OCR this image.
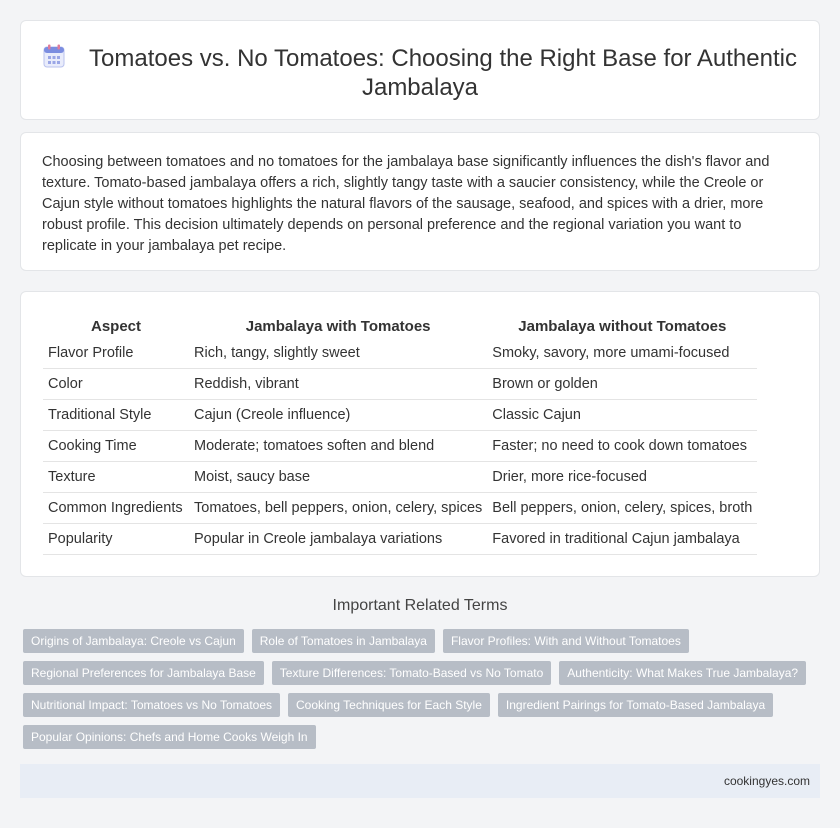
Tomatoes vs. No Tomatoes: Choosing the Right Base for Authentic Jambalaya
Choosing between tomatoes and no tomatoes for the jambalaya base significantly influences the dish's flavor and texture. Tomato-based jambalaya offers a rich, slightly tangy taste with a saucier consistency, while the Creole or Cajun style without tomatoes highlights the natural flavors of the sausage, seafood, and spices with a drier, more robust profile. This decision ultimately depends on personal preference and the regional variation you want to replicate in your jambalaya pet recipe.
Aspect	Jambalaya with Tomatoes	Jambalaya without Tomatoes
Flavor Profile	Rich, tangy, slightly sweet	Smoky, savory, more umami-focused
Color	Reddish, vibrant	Brown or golden
Traditional Style	Cajun (Creole influence)	Classic Cajun
Cooking Time	Moderate; tomatoes soften and blend	Faster; no need to cook down tomatoes
Texture	Moist, saucy base	Drier, more rice-focused
Common Ingredients	Tomatoes, bell peppers, onion, celery, spices	Bell peppers, onion, celery, spices, broth
Popularity	Popular in Creole jambalaya variations	Favored in traditional Cajun jambalaya
Important Related Terms
Origins of Jambalaya: Creole vs Cajun	Role of Tomatoes in Jambalaya	Flavor Profiles: With and Without Tomatoes
Regional Preferences for Jambalaya Base	Texture Differences: Tomato-Based vs No Tomato	Authenticity: What Makes True Jambalaya?
Nutritional Impact: Tomatoes vs No Tomatoes	Cooking Techniques for Each Style	Ingredient Pairings for Tomato-Based Jambalaya
Popular Opinions: Chefs and Home Cooks Weigh In
cookingyes.com
